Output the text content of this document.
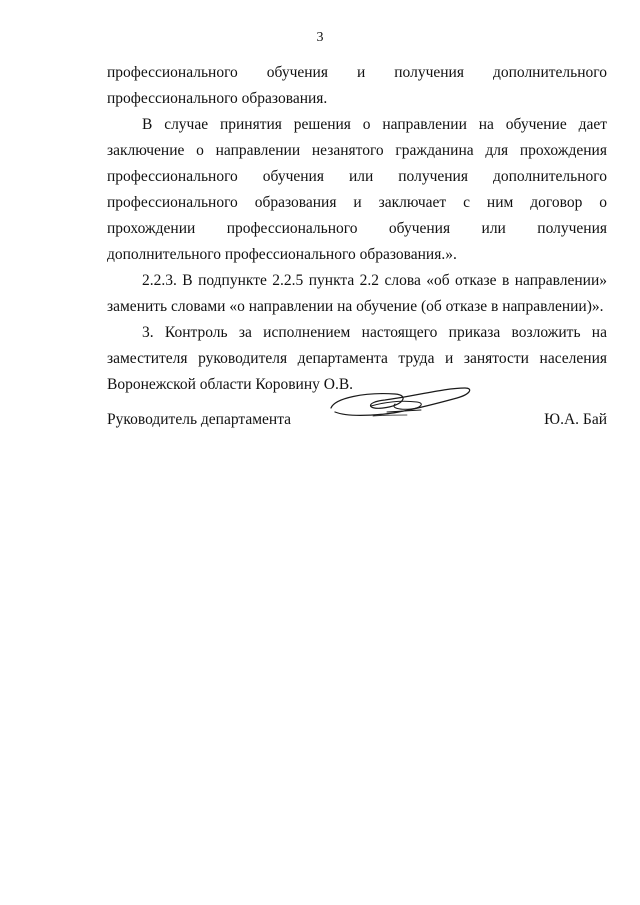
3

профессионального обучения и получения дополнительного профессионального образования.

В случае принятия решения о направлении на обучение дает заключение о направлении незанятого гражданина для прохождения профессионального обучения или получения дополнительного профессионального образования и заключает с ним договор о прохождении профессионального обучения или получения дополнительного профессионального образования.».

2.2.3. В подпункте 2.2.5 пункта 2.2 слова «об отказе в направлении» заменить словами «о направлении на обучение (об отказе в направлении)».

3. Контроль за исполнением настоящего приказа возложить на заместителя руководителя департамента труда и занятости населения Воронежской области Коровину О.В.

Руководитель департамента	Ю.А. Бай
